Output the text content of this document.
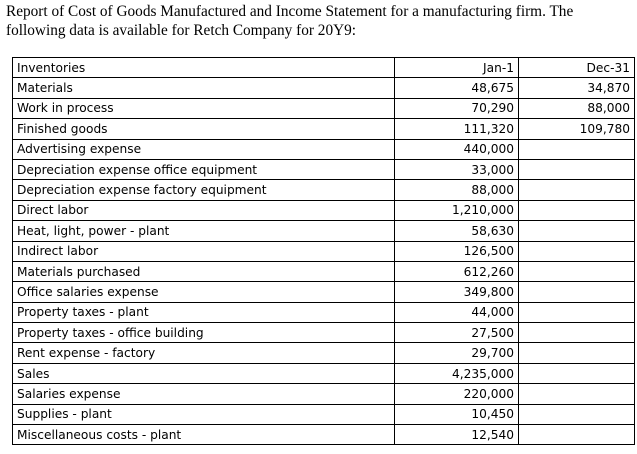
Report of Cost of Goods Manufactured and Income Statement for a manufacturing firm. The
following data is available for Retch Company for 20Y9:
Inventories	Jan-1	Dec-31
Materials	48,675	34,870
Work in process	70,290	88,000
Finished goods	111,320	109,780
Advertising expense	440,000	
Depreciation expense office equipment	33,000	
Depreciation expense factory equipment	88,000	
Direct labor	1,210,000	
Heat, light, power - plant	58,630	
Indirect labor	126,500	
Materials purchased	612,260	
Office salaries expense	349,800	
Property taxes - plant	44,000	
Property taxes - office building	27,500	
Rent expense - factory	29,700	
Sales	4,235,000	
Salaries expense	220,000	
Supplies - plant	10,450	
Miscellaneous costs - plant	12,540	
